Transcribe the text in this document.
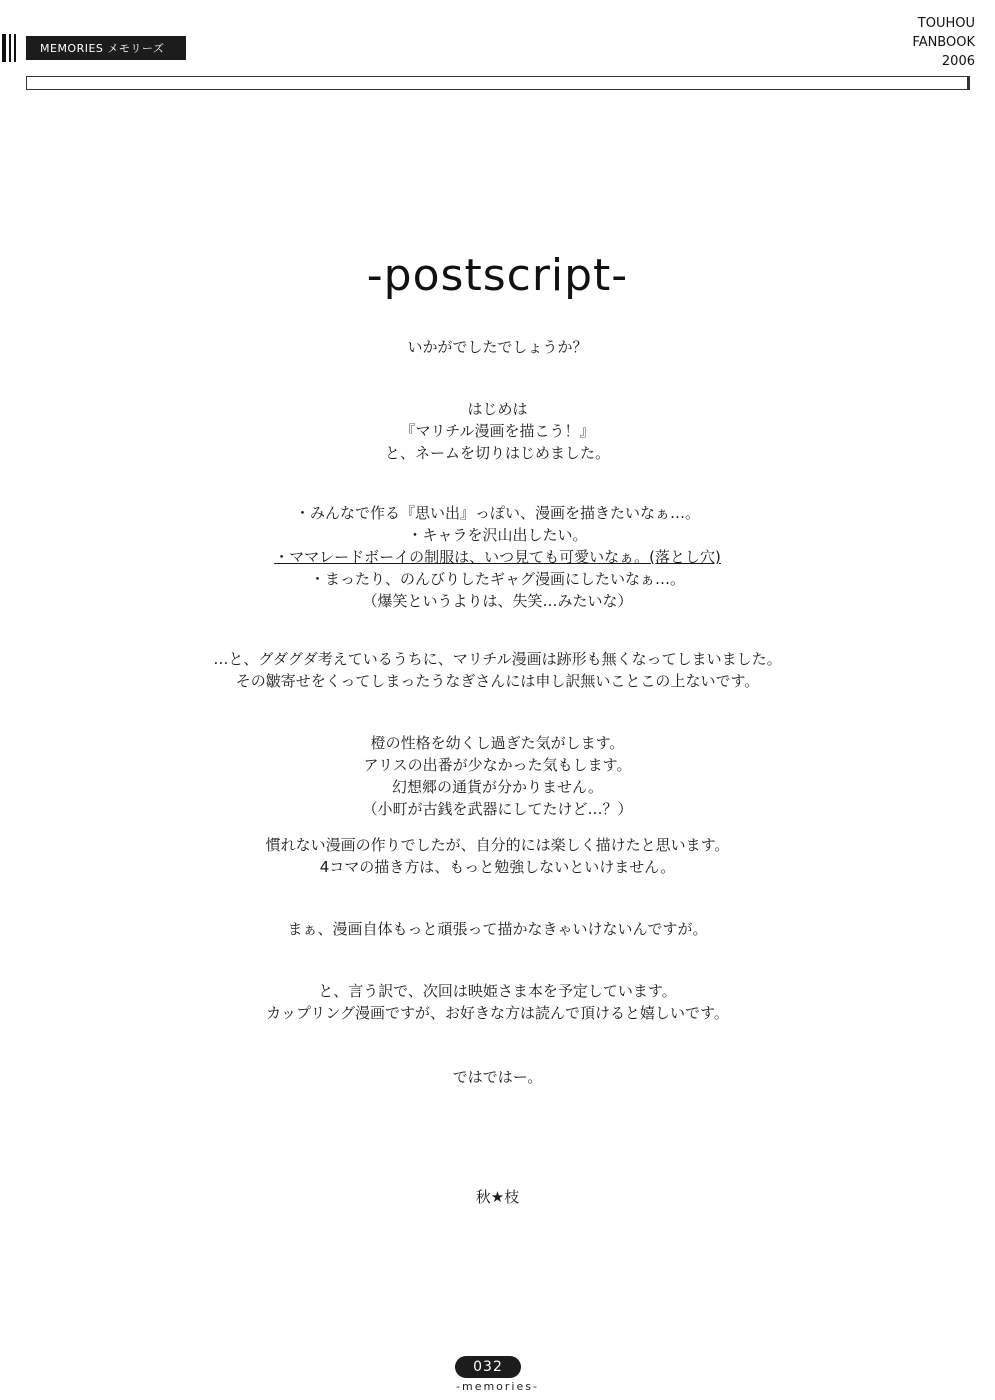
MEMORIES メモリーズ
TOUHOU
FANBOOK
2006
-postscript-
いかがでしたでしょうか？
はじめは
『マリチル漫画を描こう！』
と、ネームを切りはじめました。
・みんなで作る『思い出』っぽい、漫画を描きたいなぁ…。
・キャラを沢山出したい。
・ママレードボーイの制服は、いつ見ても可愛いなぁ。(落とし穴)
・まったり、のんびりしたギャグ漫画にしたいなぁ…。
（爆笑というよりは、失笑…みたいな）
…と、グダグダ考えているうちに、マリチル漫画は跡形も無くなってしまいました。
その皺寄せをくってしまったうなぎさんには申し訳無いことこの上ないです。
橙の性格を幼くし過ぎた気がします。
アリスの出番が少なかった気もします。
幻想郷の通貨が分かりません。
（小町が古銭を武器にしてたけど…？）
慣れない漫画の作りでしたが、自分的には楽しく描けたと思います。
4コマの描き方は、もっと勉強しないといけません。
まぁ、漫画自体もっと頑張って描かなきゃいけないんですが。
と、言う訳で、次回は映姫さま本を予定しています。
カップリング漫画ですが、お好きな方は読んで頂けると嬉しいです。
ではではー。
秋★枝
032
-memories-
